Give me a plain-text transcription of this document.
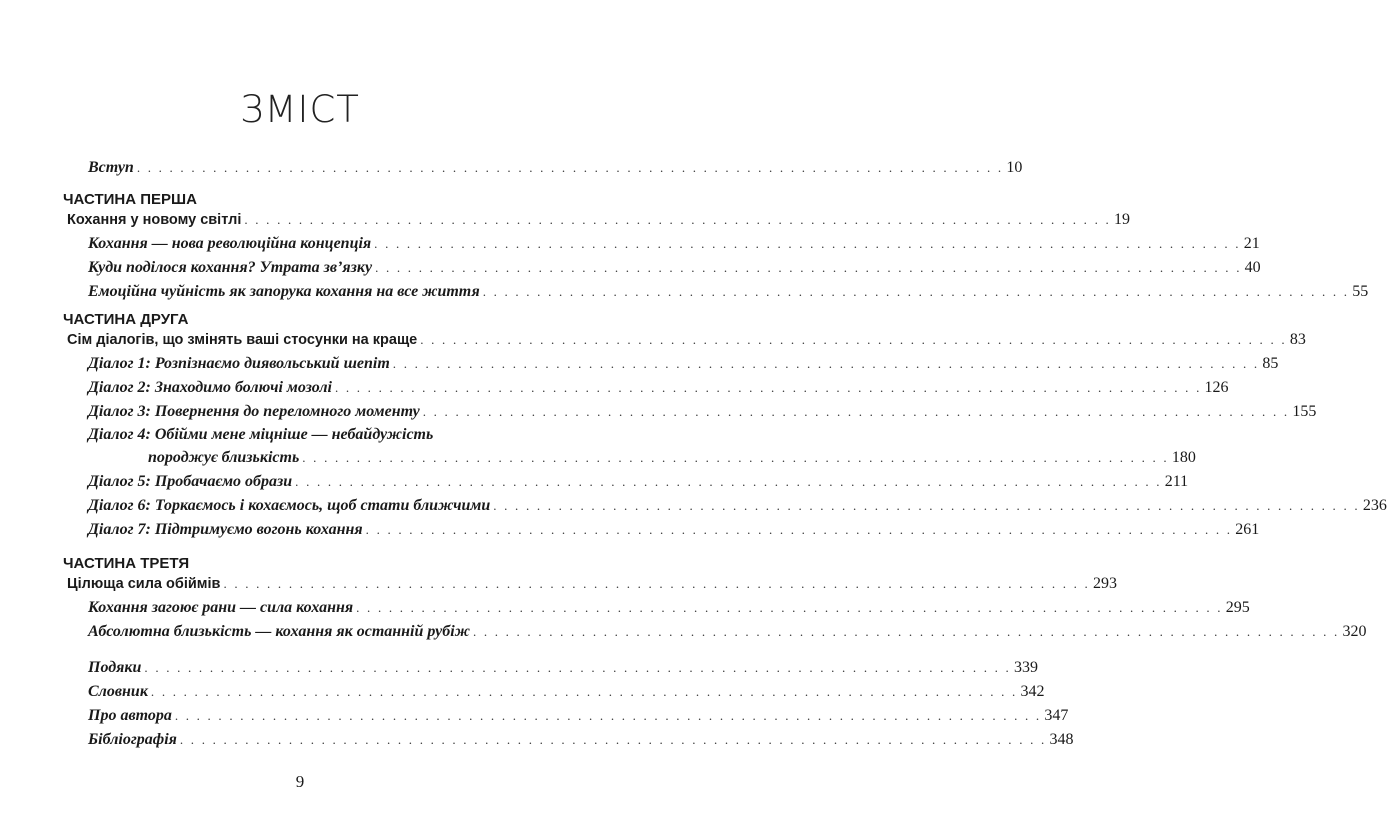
ЗМІСТ
Вступ . . . . . . . . . . . . . . . . . . . . . . . . . . . . . . . . . . . . . . . . . . . . . . . . . . . . . . . . . . . . . . . . . . . . . . . . . . . . . . . . 10
ЧАСТИНА ПЕРША
Кохання у новому світлі . . . . . . . . . . . . . . . . . . . . . . . . . . . . . . . . . . . . . . . . . . . . . . . . . . . . . . . . . . . . . . . . . . . . . . . . . . . . . . . . 19
Кохання — нова революційна концепція . . . . . . . . . . . . . . . . . . . . . . . . . . . . . . . . . . . . . . . . . . . . . . . . . . . . . . . . . . . . . . . . . . . . . . . . . . . . . . . . 21
Куди поділося кохання? Утрата зв’язку . . . . . . . . . . . . . . . . . . . . . . . . . . . . . . . . . . . . . . . . . . . . . . . . . . . . . . . . . . . . . . . . . . . . . . . . . . . . . . . . 40
Емоційна чуйність як запорука кохання на все життя . . . . . . . . . . . . . . . . . . . . . . . . . . . . . . . . . . . . . . . . . . . . . . . . . . . . . . . . . . . . . . . . . . . . . . . . . . . . . . . . 55
ЧАСТИНА ДРУГА
Сім діалогів, що змінять ваші стосунки на краще . . . . . . . . . . . . . . . . . . . . . . . . . . . . . . . . . . . . . . . . . . . . . . . . . . . . . . . . . . . . . . . . . . . . . . . . . . . . . . . . 83
Діалог 1: Розпізнаємо диявольський шепіт . . . . . . . . . . . . . . . . . . . . . . . . . . . . . . . . . . . . . . . . . . . . . . . . . . . . . . . . . . . . . . . . . . . . . . . . . . . . . . . . 85
Діалог 2: Знаходимо болючі мозолі . . . . . . . . . . . . . . . . . . . . . . . . . . . . . . . . . . . . . . . . . . . . . . . . . . . . . . . . . . . . . . . . . . . . . . . . . . . . . . . . 126
Діалог 3: Повернення до переломного моменту . . . . . . . . . . . . . . . . . . . . . . . . . . . . . . . . . . . . . . . . . . . . . . . . . . . . . . . . . . . . . . . . . . . . . . . . . . . . . . . . 155
Діалог 4: Обійми мене міцніше — небайдужість
породжує близькість . . . . . . . . . . . . . . . . . . . . . . . . . . . . . . . . . . . . . . . . . . . . . . . . . . . . . . . . . . . . . . . . . . . . . . . . . . . . . . . . 180
Діалог 5: Пробачаємо образи . . . . . . . . . . . . . . . . . . . . . . . . . . . . . . . . . . . . . . . . . . . . . . . . . . . . . . . . . . . . . . . . . . . . . . . . . . . . . . . . 211
Діалог 6: Торкаємось і кохаємось, щоб стати ближчими . . . . . . . . . . . . . . . . . . . . . . . . . . . . . . . . . . . . . . . . . . . . . . . . . . . . . . . . . . . . . . . . . . . . . . . . . . . . . . . . 236
Діалог 7: Підтримуємо вогонь кохання . . . . . . . . . . . . . . . . . . . . . . . . . . . . . . . . . . . . . . . . . . . . . . . . . . . . . . . . . . . . . . . . . . . . . . . . . . . . . . . . 261
ЧАСТИНА ТРЕТЯ
Цілюща сила обіймів . . . . . . . . . . . . . . . . . . . . . . . . . . . . . . . . . . . . . . . . . . . . . . . . . . . . . . . . . . . . . . . . . . . . . . . . . . . . . . . . 293
Кохання загоює рани — сила кохання . . . . . . . . . . . . . . . . . . . . . . . . . . . . . . . . . . . . . . . . . . . . . . . . . . . . . . . . . . . . . . . . . . . . . . . . . . . . . . . . 295
Абсолютна близькість — кохання як останній рубіж . . . . . . . . . . . . . . . . . . . . . . . . . . . . . . . . . . . . . . . . . . . . . . . . . . . . . . . . . . . . . . . . . . . . . . . . . . . . . . . . 320
Подяки . . . . . . . . . . . . . . . . . . . . . . . . . . . . . . . . . . . . . . . . . . . . . . . . . . . . . . . . . . . . . . . . . . . . . . . . . . . . . . . . 339
Словник . . . . . . . . . . . . . . . . . . . . . . . . . . . . . . . . . . . . . . . . . . . . . . . . . . . . . . . . . . . . . . . . . . . . . . . . . . . . . . . . 342
Про автора . . . . . . . . . . . . . . . . . . . . . . . . . . . . . . . . . . . . . . . . . . . . . . . . . . . . . . . . . . . . . . . . . . . . . . . . . . . . . . . . 347
Бібліографія . . . . . . . . . . . . . . . . . . . . . . . . . . . . . . . . . . . . . . . . . . . . . . . . . . . . . . . . . . . . . . . . . . . . . . . . . . . . . . . . 348
9
